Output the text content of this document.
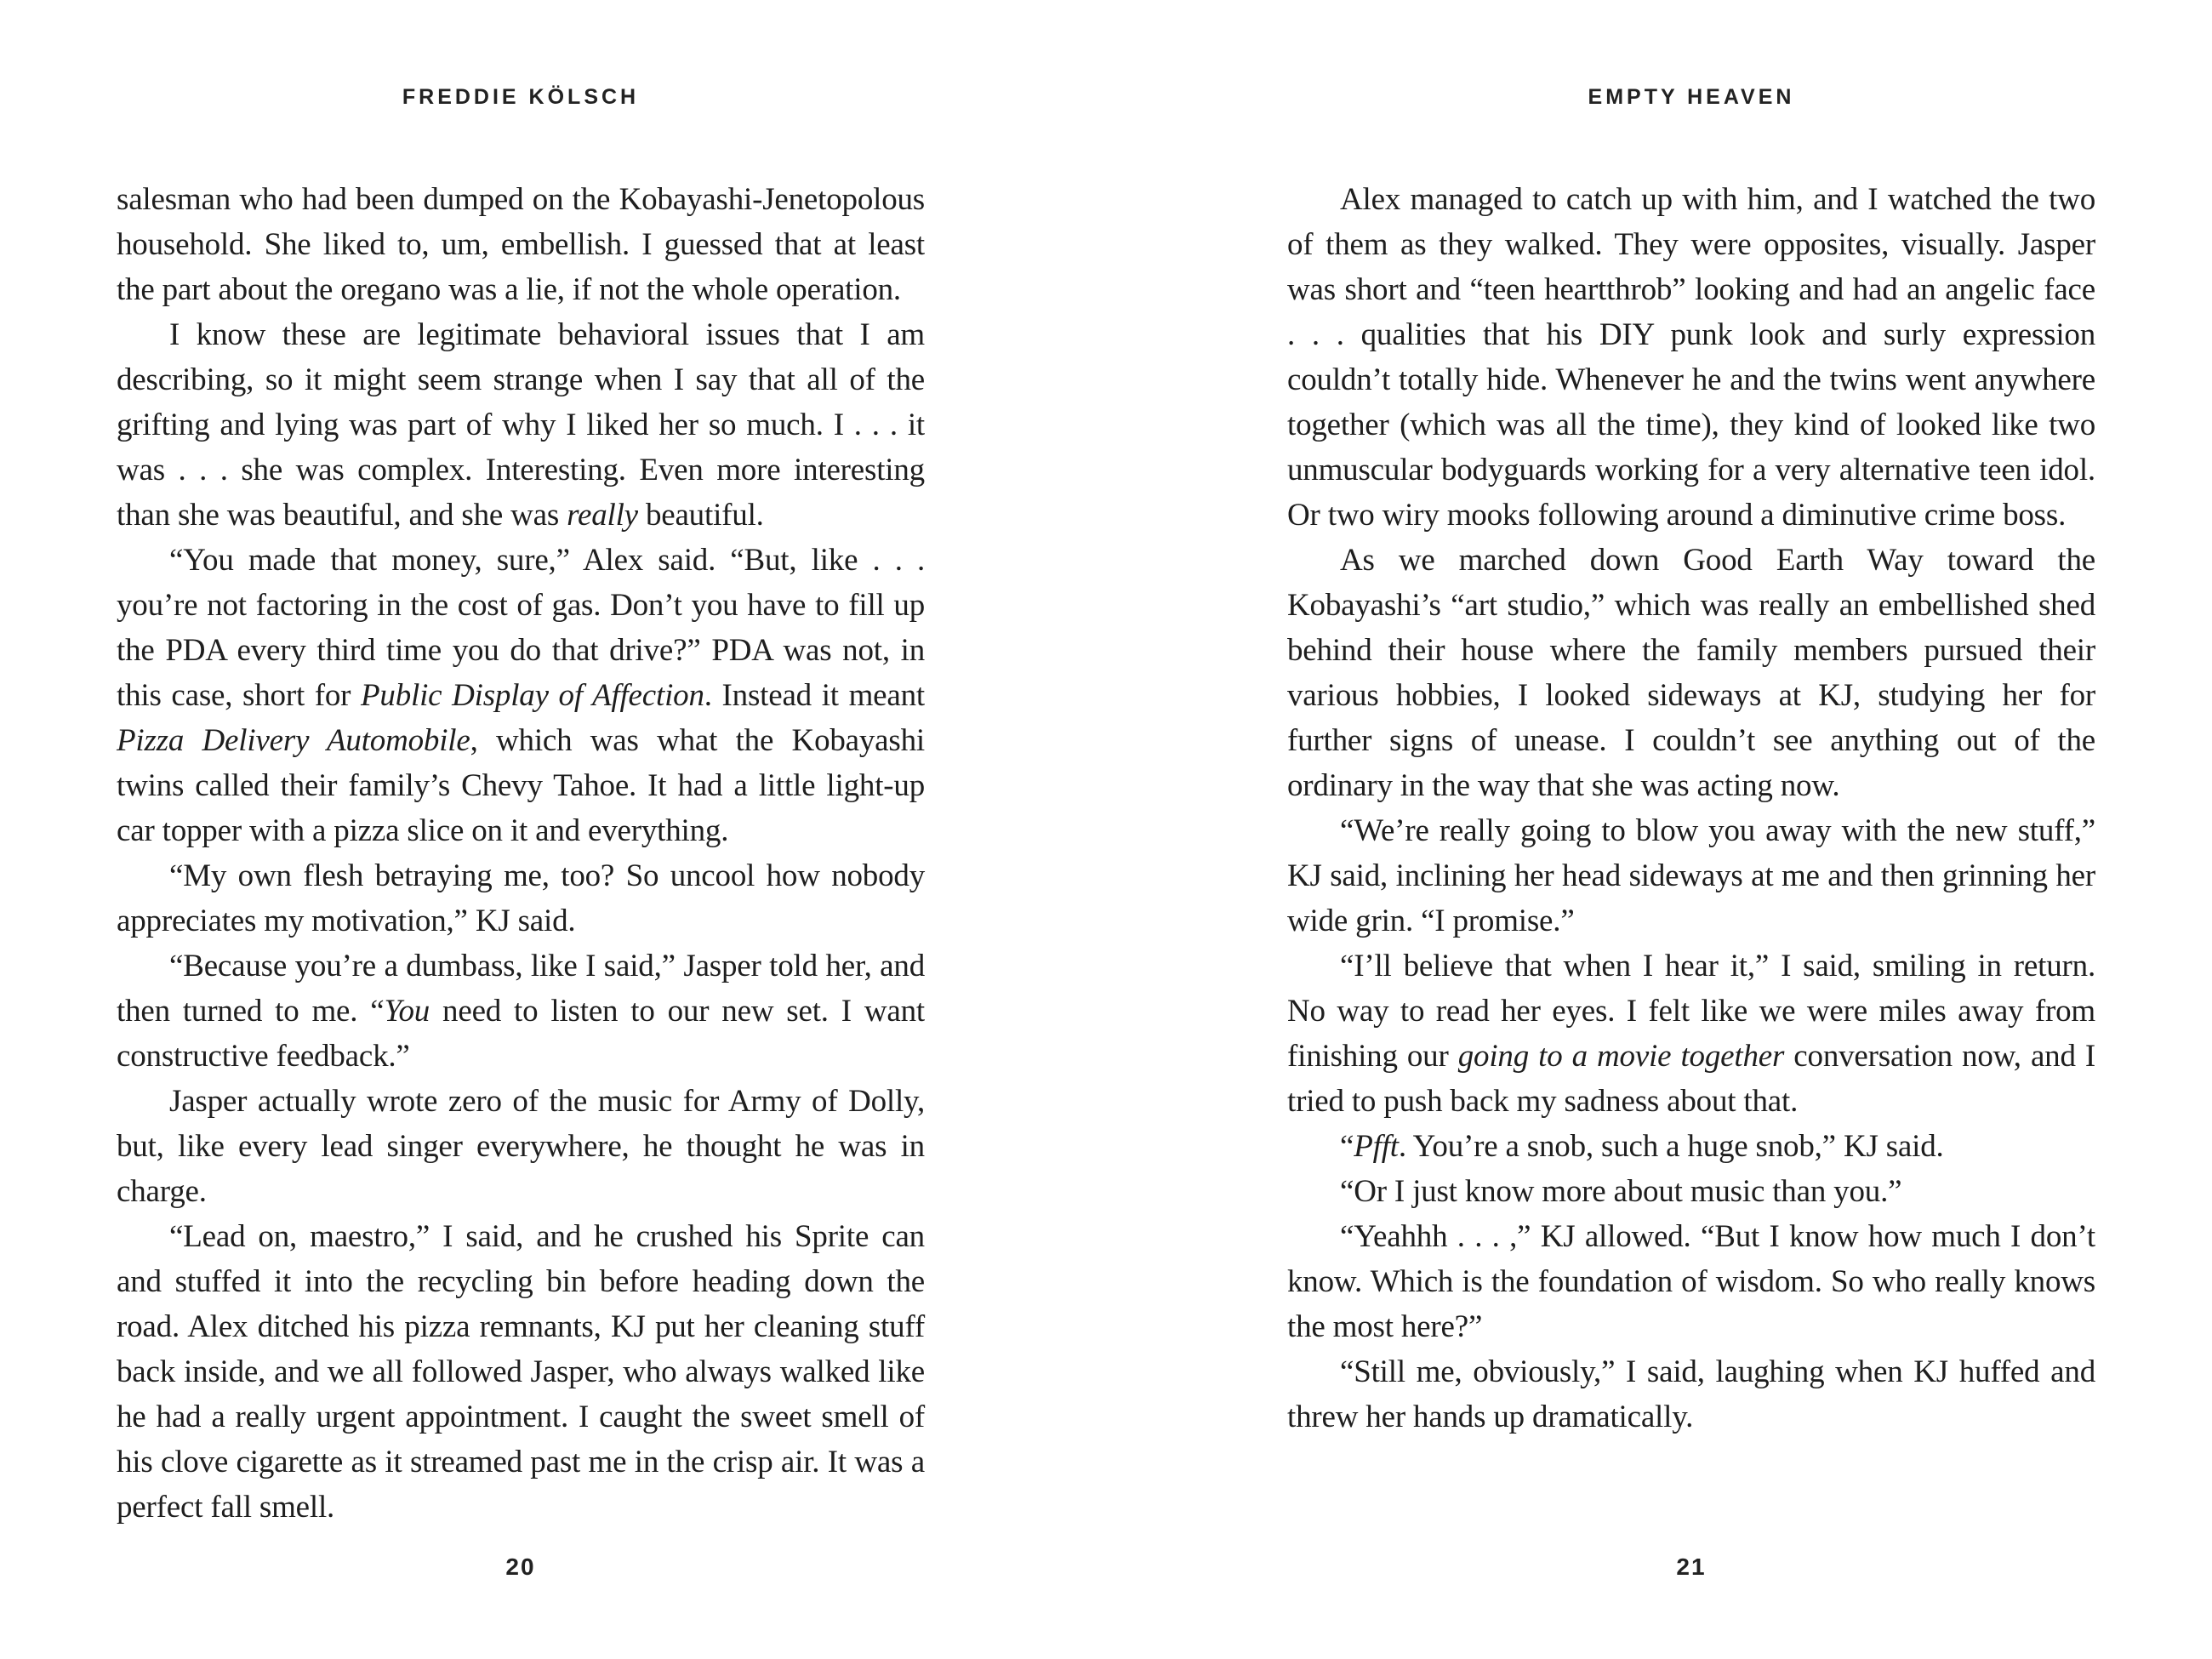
FREDDIE KÖLSCH

salesman who had been dumped on the Kobayashi-Jenetopolous household. She liked to, um, embellish. I guessed that at least the part about the oregano was a lie, if not the whole operation.

I know these are legitimate behavioral issues that I am describing, so it might seem strange when I say that all of the grifting and lying was part of why I liked her so much. I . . . it was . . . she was complex. Interesting. Even more interesting than she was beautiful, and she was really beautiful.

“You made that money, sure,” Alex said. “But, like . . . you’re not factoring in the cost of gas. Don’t you have to fill up the PDA every third time you do that drive?” PDA was not, in this case, short for Public Display of Affection. Instead it meant Pizza Delivery Automobile, which was what the Kobayashi twins called their family’s Chevy Tahoe. It had a little light-up car topper with a pizza slice on it and everything.

“My own flesh betraying me, too? So uncool how nobody appreciates my motivation,” KJ said.

“Because you’re a dumbass, like I said,” Jasper told her, and then turned to me. “You need to listen to our new set. I want constructive feedback.”

Jasper actually wrote zero of the music for Army of Dolly, but, like every lead singer everywhere, he thought he was in charge.

“Lead on, maestro,” I said, and he crushed his Sprite can and stuffed it into the recycling bin before heading down the road. Alex ditched his pizza remnants, KJ put her cleaning stuff back inside, and we all followed Jasper, who always walked like he had a really urgent appointment. I caught the sweet smell of his clove cigarette as it streamed past me in the crisp air. It was a perfect fall smell.

20
EMPTY HEAVEN

Alex managed to catch up with him, and I watched the two of them as they walked. They were opposites, visually. Jasper was short and “teen heartthrob” looking and had an angelic face . . . qualities that his DIY punk look and surly expression couldn’t totally hide. Whenever he and the twins went anywhere together (which was all the time), they kind of looked like two unmuscular bodyguards working for a very alternative teen idol. Or two wiry mooks following around a diminutive crime boss.

As we marched down Good Earth Way toward the Kobayashi’s “art studio,” which was really an embellished shed behind their house where the family members pursued their various hobbies, I looked sideways at KJ, studying her for further signs of unease. I couldn’t see anything out of the ordinary in the way that she was acting now.

“We’re really going to blow you away with the new stuff,” KJ said, inclining her head sideways at me and then grinning her wide grin. “I promise.”

“I’ll believe that when I hear it,” I said, smiling in return. No way to read her eyes. I felt like we were miles away from finishing our going to a movie together conversation now, and I tried to push back my sadness about that.

“Pfft. You’re a snob, such a huge snob,” KJ said.

“Or I just know more about music than you.”

“Yeahhh . . . ,” KJ allowed. “But I know how much I don’t know. Which is the foundation of wisdom. So who really knows the most here?”

“Still me, obviously,” I said, laughing when KJ huffed and threw her hands up dramatically.

21
